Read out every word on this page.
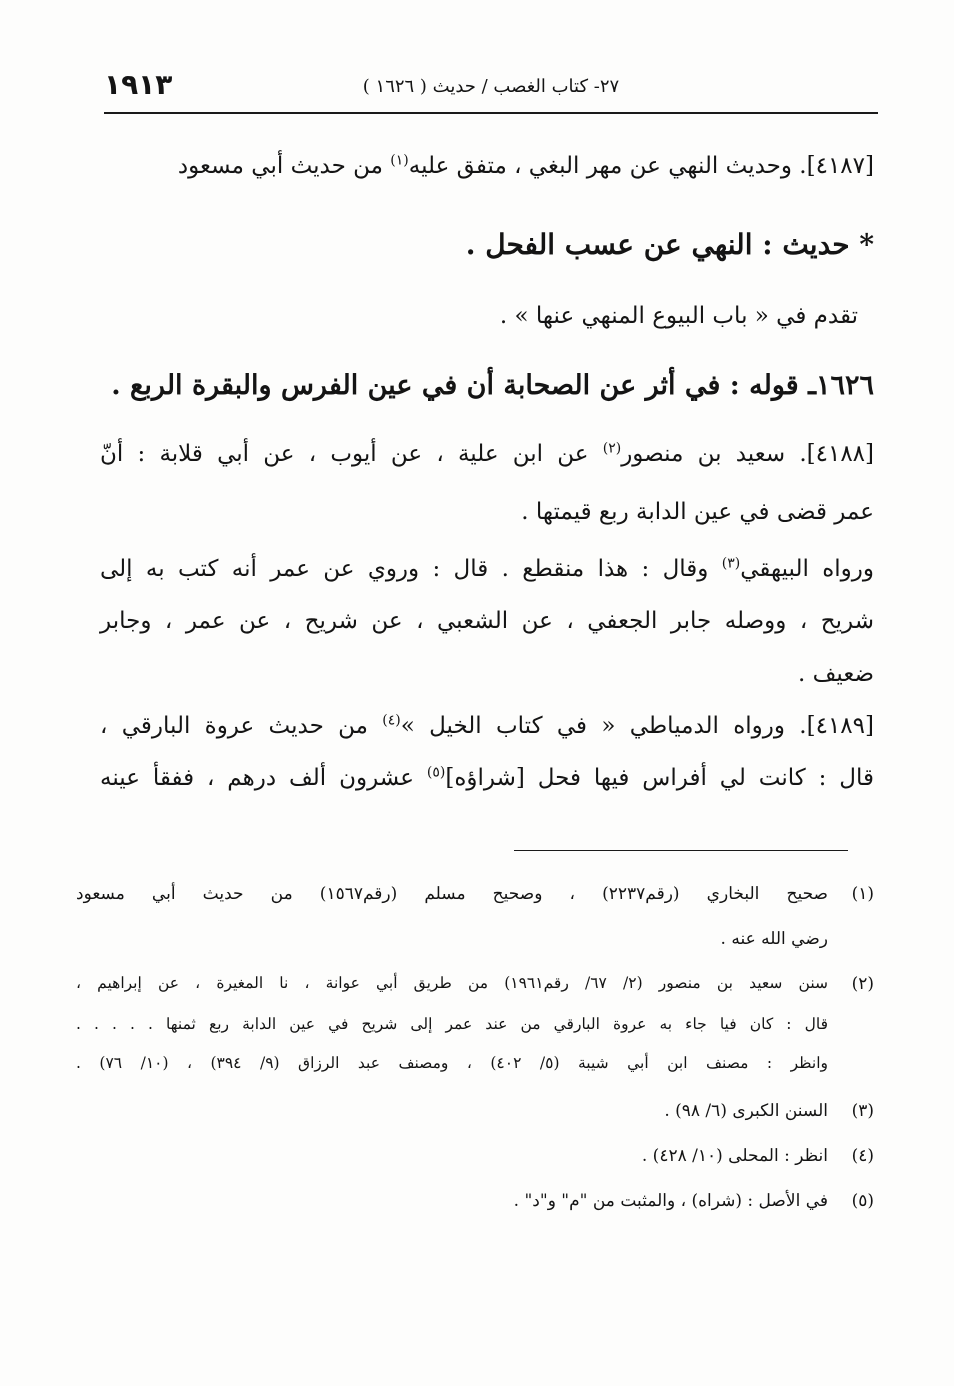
١٩١٣	٢٧- كتاب الغصب / حديث ( ١٦٢٦ )
[٤١٨٧]. وحديث النهي عن مهر البغي ، متفق عليه$^{(١)}$ من حديث أبي مسعود
* حديث : النهي عن عسب الفحل .
تقدم في « باب البيوع المنهي عنها » .
١٦٢٦ـ قوله : في أثر عن الصحابة أن في عين الفرس والبقرة الربع .
[٤١٨٨]. سعيد بن منصور$^{(٢)}$ عن ابن علية ، عن أيوب ، عن أبي قلابة : أنّ
عمر قضى في عين الدابة ربع قيمتها .
ورواه البيهقي$^{(٣)}$ وقال : هذا منقطع . قال : وروي عن عمر أنه كتب به إلى
شريح ، ووصله جابر الجعفي ، عن الشعبي ، عن شريح ، عن عمر ، وجابر
ضعيف .
[٤١٨٩]. ورواه الدمياطي « في كتاب الخيل »$^{(٤)}$ من حديث عروة البارقي ،
قال : كانت لي أفراس فيها فحل [شراؤه]$^{(٥)}$ عشرون ألف درهم ، ففقأ عينه
(١)
صحيح البخاري (رقم٢٢٣٧) ، وصحيح مسلم (رقم١٥٦٧) من حديث أبي مسعود
رضي الله عنه .
(٢)
سنن سعيد بن منصور (٢/ ٦٧/ رقم١٩٦١) من طريق أبي عوانة ، نا المغيرة ، عن إبراهيم ،
قال : كان فيا جاء به عروة البارقي من عند عمر إلى شريح في عين الدابة ربع ثمنها . . . . .
وانظر : مصنف ابن أبي شيبة (٥/ ٤٠٢) ، ومصنف عبد الرزاق (٩/ ٣٩٤) ، (١٠/ ٧٦) .
(٣)
السنن الكبرى (٦/ ٩٨) .
(٤)
انظر : المحلى (١٠/ ٤٢٨) .
(٥)
في الأصل : (شراه) ، والمثبت من "م" و"د" .
